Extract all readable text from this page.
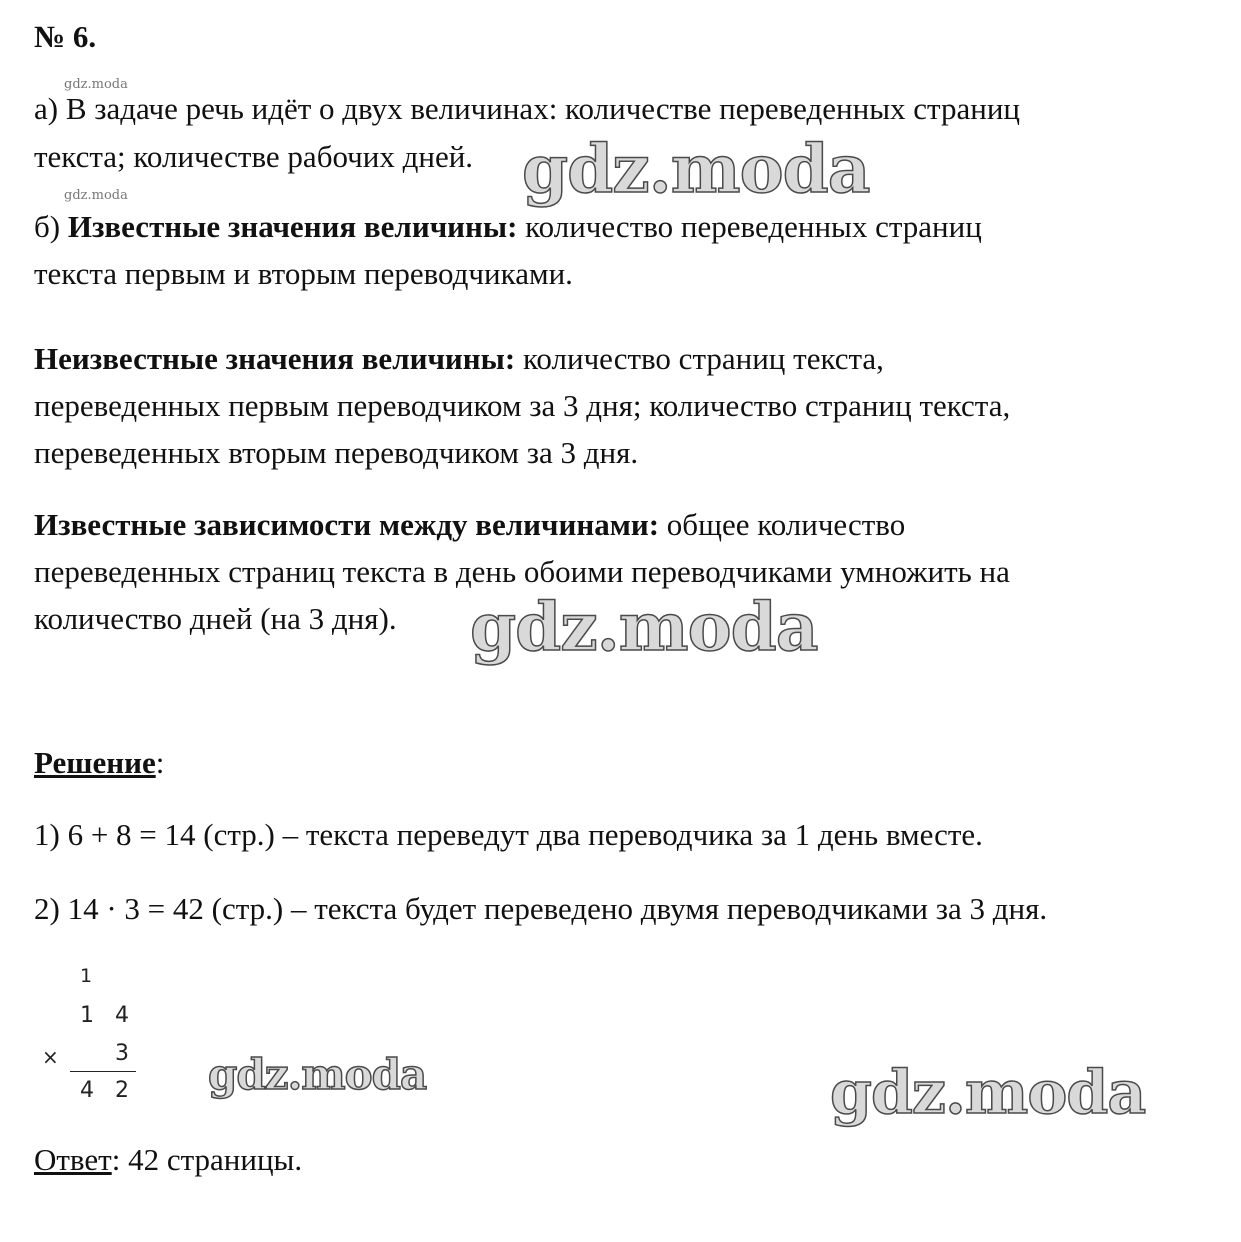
№ 6.
gdz.moda
gdz.moda
а) В задаче речь идёт о двух величинах: количестве переведенных страниц
текста; количестве рабочих дней.
б) Известные значения величины: количество переведенных страниц
текста первым и вторым переводчиками.
Неизвестные значения величины: количество страниц текста,
переведенных первым переводчиком за 3 дня; количество страниц текста,
переведенных вторым переводчиком за 3 дня.
Известные зависимости между величинами: общее количество
переведенных страниц текста в день обоими переводчиками умножить на
количество дней (на 3 дня).
Решение:
1) 6 + 8 = 14 (стр.) – текста переведут два переводчика за 1 день вместе.
2) 14 · 3 = 42 (стр.) – текста будет переведено двумя переводчиками за 3 дня.
1
1 4
×	3
4 2
Ответ: 42 страницы.
gdz.moda
gdz.moda
gdz.moda	gdz.moda
